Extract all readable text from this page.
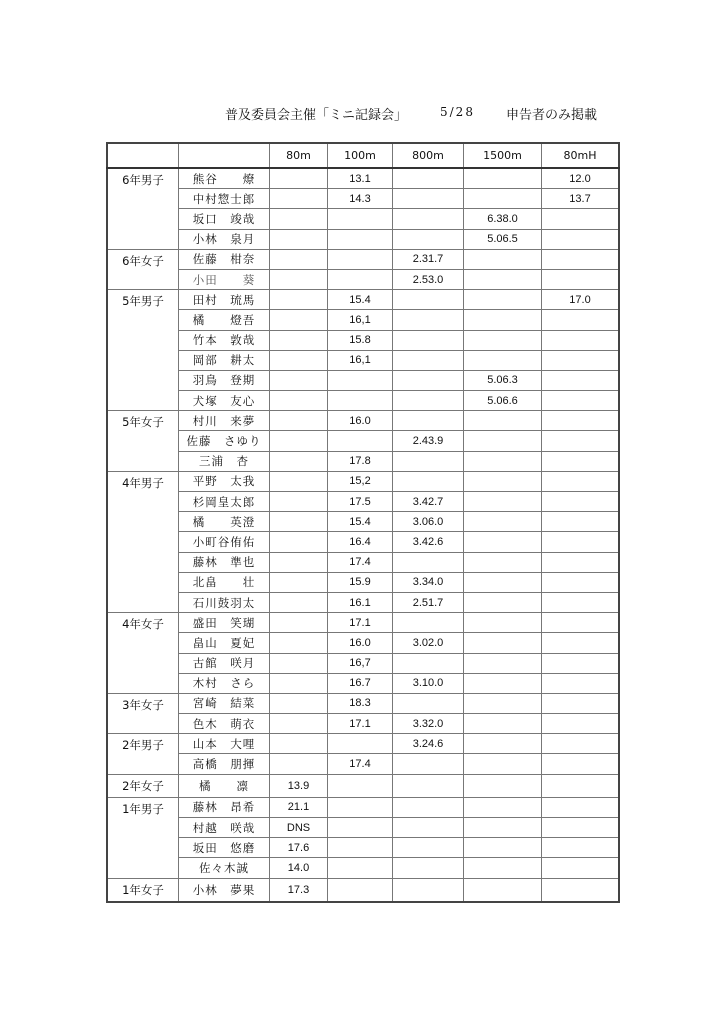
普及委員会主催「ミニ記録会」	5/28 申告者のみ掲載
		80m	100m	800m	1500m	80mH
6年男子	熊谷　　燎		13.1			12.0
	中村惣士郎		14.3			13.7
	坂口　竣哉				6.38.0	
	小林　泉月				5.06.5	
6年女子	佐藤　柑奈			2.31.7		
	小田　　葵			2.53.0		
5年男子	田村　琉馬		15.4			17.0
	橘　　燈吾		16,1			
	竹本　敦哉		15.8			
	岡部　耕太		16,1			
	羽鳥　登期				5.06.3	
	犬塚　友心				5.06.6	
5年女子	村川　来夢		16.0			
	佐藤　さゆり			2.43.9		
	三浦　杏		17.8			
4年男子	平野　太我		15,2			
	杉岡皇太郎		17.5	3.42.7		
	橘　　英澄		15.4	3.06.0		
	小町谷侑佑		16.4	3.42.6		
	藤林　準也		17.4			
	北畠　　壮		15.9	3.34.0		
	石川鼓羽太		16.1	2.51.7		
4年女子	盛田　笑瑚		17.1			
	畠山　夏妃		16.0	3.02.0		
	古館　咲月		16,7			
	木村　さら		16.7	3.10.0		
3年女子	宮崎　結菜		18.3			
	色木　萌衣		17.1	3.32.0		
2年男子	山本　大哩			3.24.6		
	高橋　朋揮		17.4			
2年女子	橘　　凛	13.9				
1年男子	藤林　昂希	21.1				
	村越　咲哉	DNS				
	坂田　悠磨	17.6				
	佐々木誠	14.0				
1年女子	小林　夢果	17.3				
